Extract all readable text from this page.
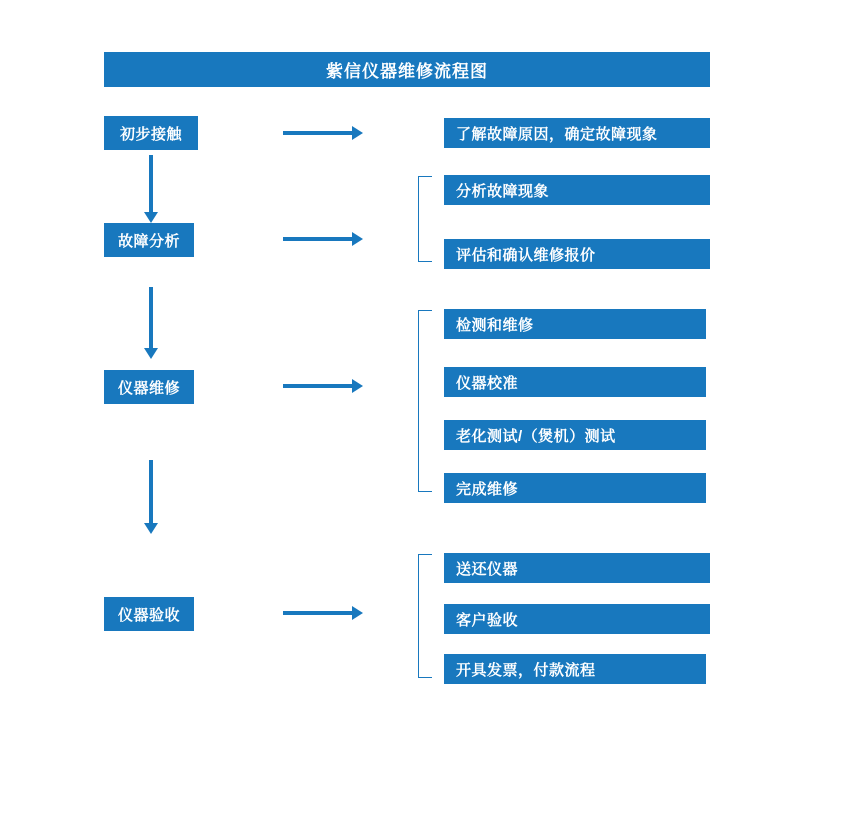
紫信仪器维修流程图
初步接触	了解故障原因，确定故障现象
故障分析
分析故障现象
评估和确认维修报价
仪器维修
检测和维修
仪器校准
老化测试/（煲机）测试
完成维修
仪器验收
送还仪器
客户验收
开具发票，付款流程
